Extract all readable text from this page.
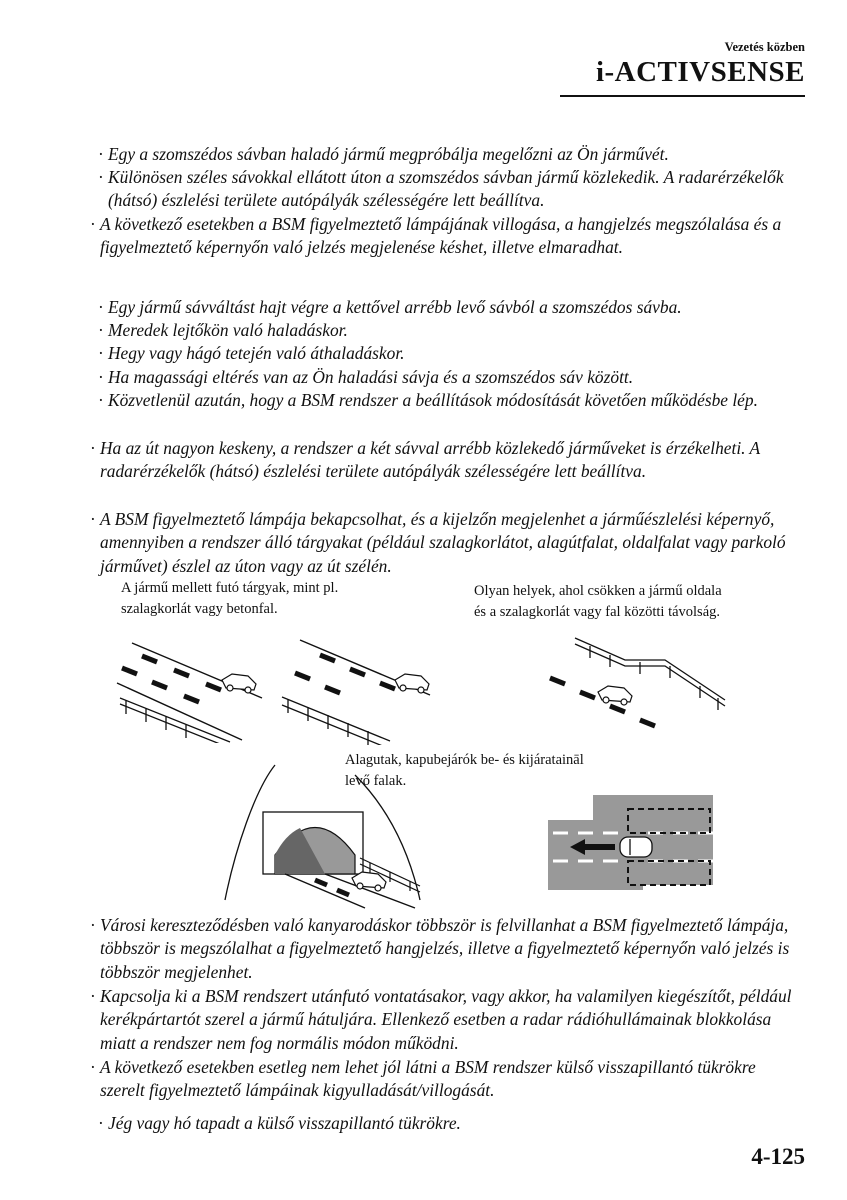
Vezetés közben
i-ACTIVSENSE
· Egy a szomszédos sávban haladó jármű megpróbálja megelőzni az Ön járművét.
· Különösen széles sávokkal ellátott úton a szomszédos sávban jármű közlekedik. A radarérzékelők (hátsó) észlelési területe autópályák szélességére lett beállítva.
· A következő esetekben a BSM figyelmeztető lámpájának villogása, a hangjelzés megszólalása és a figyelmeztető képernyőn való jelzés megjelenése késhet, illetve elmaradhat.
· Egy jármű sávváltást hajt végre a kettővel arrébb levő sávból a szomszédos sávba.
· Meredek lejtőkön való haladáskor.
· Hegy vagy hágó tetején való áthaladáskor.
· Ha magassági eltérés van az Ön haladási sávja és a szomszédos sáv között.
· Közvetlenül azután, hogy a BSM rendszer a beállítások módosítását követően működésbe lép.
· Ha az út nagyon keskeny, a rendszer a két sávval arrébb közlekedő járműveket is érzékelheti. A radarérzékelők (hátsó) észlelési területe autópályák szélességére lett beállítva.
· A BSM figyelmeztető lámpája bekapcsolhat, és a kijelzőn megjelenhet a járműészlelési képernyő, amennyiben a rendszer álló tárgyakat (például szalagkorlátot, alagútfalat, oldalfalat vagy parkoló járművet) észlel az úton vagy az út szélén.
A jármű mellett futó tárgyak, mint pl.
szalagkorlát vagy betonfal.
Olyan helyek, ahol csökken a jármű oldala
és a szalagkorlát vagy fal közötti távolság.
Alagutak, kapubejárók be- és kijárataināl
levő falak.
· Városi kereszteződésben való kanyarodáskor többször is felvillanhat a BSM figyelmeztető lámpája, többször is megszólalhat a figyelmeztető hangjelzés, illetve a figyelmeztető képernyőn való jelzés is többször megjelenhet.
· Kapcsolja ki a BSM rendszert utánfutó vontatásakor, vagy akkor, ha valamilyen kiegészítőt, például kerékpártartót szerel a jármű hátuljára. Ellenkező esetben a radar rádióhullámainak blokkolása miatt a rendszer nem fog normális módon működni.
· A következő esetekben esetleg nem lehet jól látni a BSM rendszer külső visszapillantó tükrökre szerelt figyelmeztető lámpáinak kigyulladását/villogását.
· Jég vagy hó tapadt a külső visszapillantó tükrökre.
4-125
